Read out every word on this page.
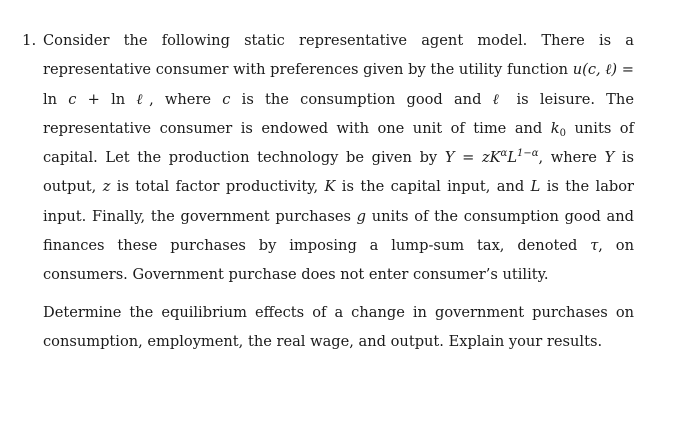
1. Consider the following static representative agent model. There is a representative consumer with preferences given by the utility function u(c, ℓ) = ln c + ln ℓ, where c is the consumption good and ℓ is leisure. The representative consumer is endowed with one unit of time and $k_0$ units of capital. Let the production technology be given by $Y = zK^\alpha L^{1-\alpha}$, where Y is output, z is total factor productivity, K is the capital input, and L is the labor input. Finally, the government purchases g units of the consumption good and finances these purchases by imposing a lump-sum tax, denoted τ, on consumers. Government purchase does not enter consumer’s utility.

Determine the equilibrium effects of a change in government purchases on consumption, employment, the real wage, and output. Explain your results.
